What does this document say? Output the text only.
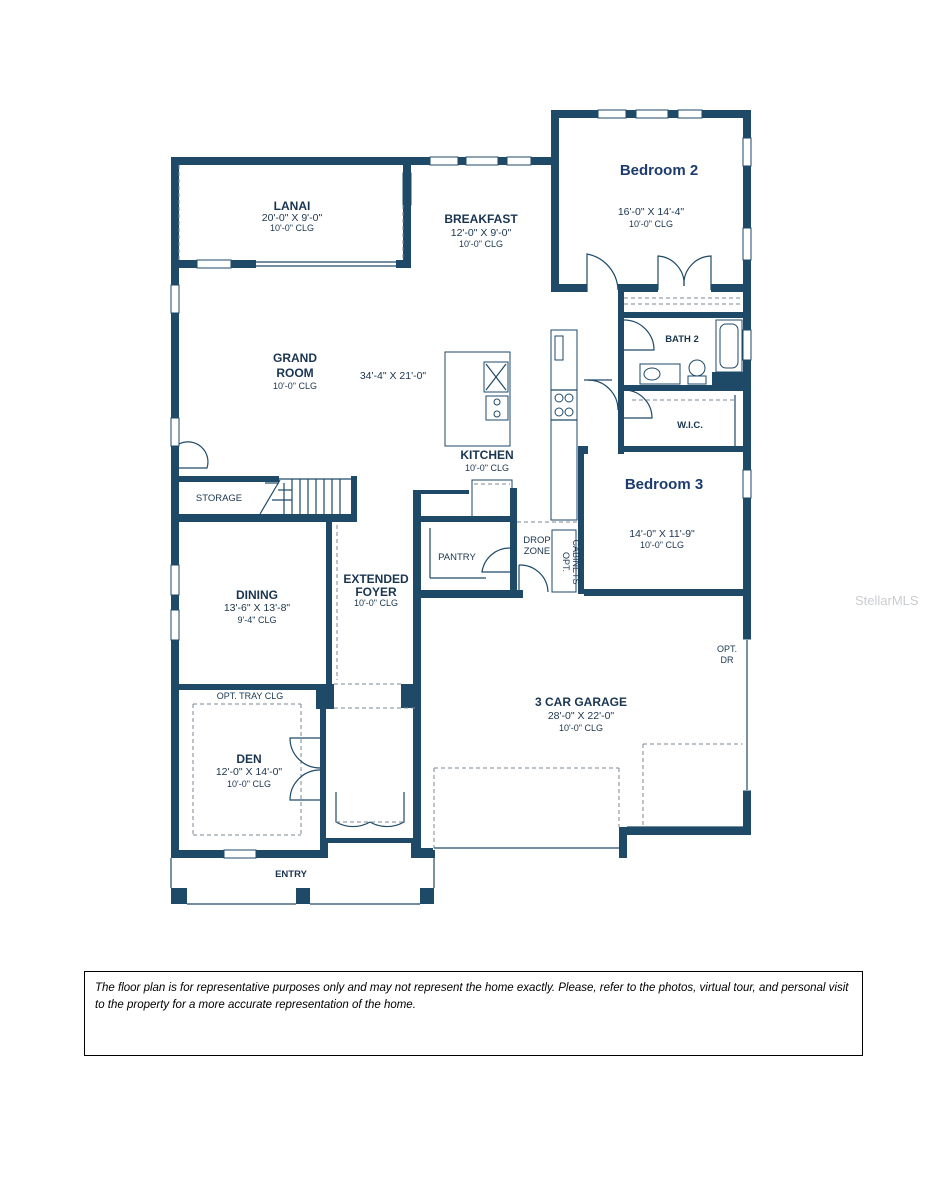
LANAI
20'-0" X 9'-0"
10'-0" CLG
BREAKFAST
12'-0" X 9'-0"
10'-0" CLG
Bedroom 2
16'-0" X 14'-4"
10'-0" CLG
GRAND
ROOM
10'-0" CLG
34'-4" X 21'-0"
BATH 2
W.I.C.
KITCHEN
10'-0" CLG
STORAGE
Bedroom 3
14'-0" X 11'-9"
10'-0" CLG
PANTRY
DROP
ZONE
OPT. CABINETS
DINING
13'-6" X 13'-8"
9'-4" CLG
EXTENDED
FOYER
10'-0" CLG
3 CAR GARAGE
28'-0" X 22'-0"
10'-0" CLG
OPT.
DR
OPT. TRAY CLG
DEN
12'-0" X 14'-0"
10'-0" CLG
ENTRY
StellarMLS
The floor plan is for representative purposes only and may not represent the home exactly. Please, refer to the photos, virtual tour, and personal visit to the property for a more accurate representation of the home.
